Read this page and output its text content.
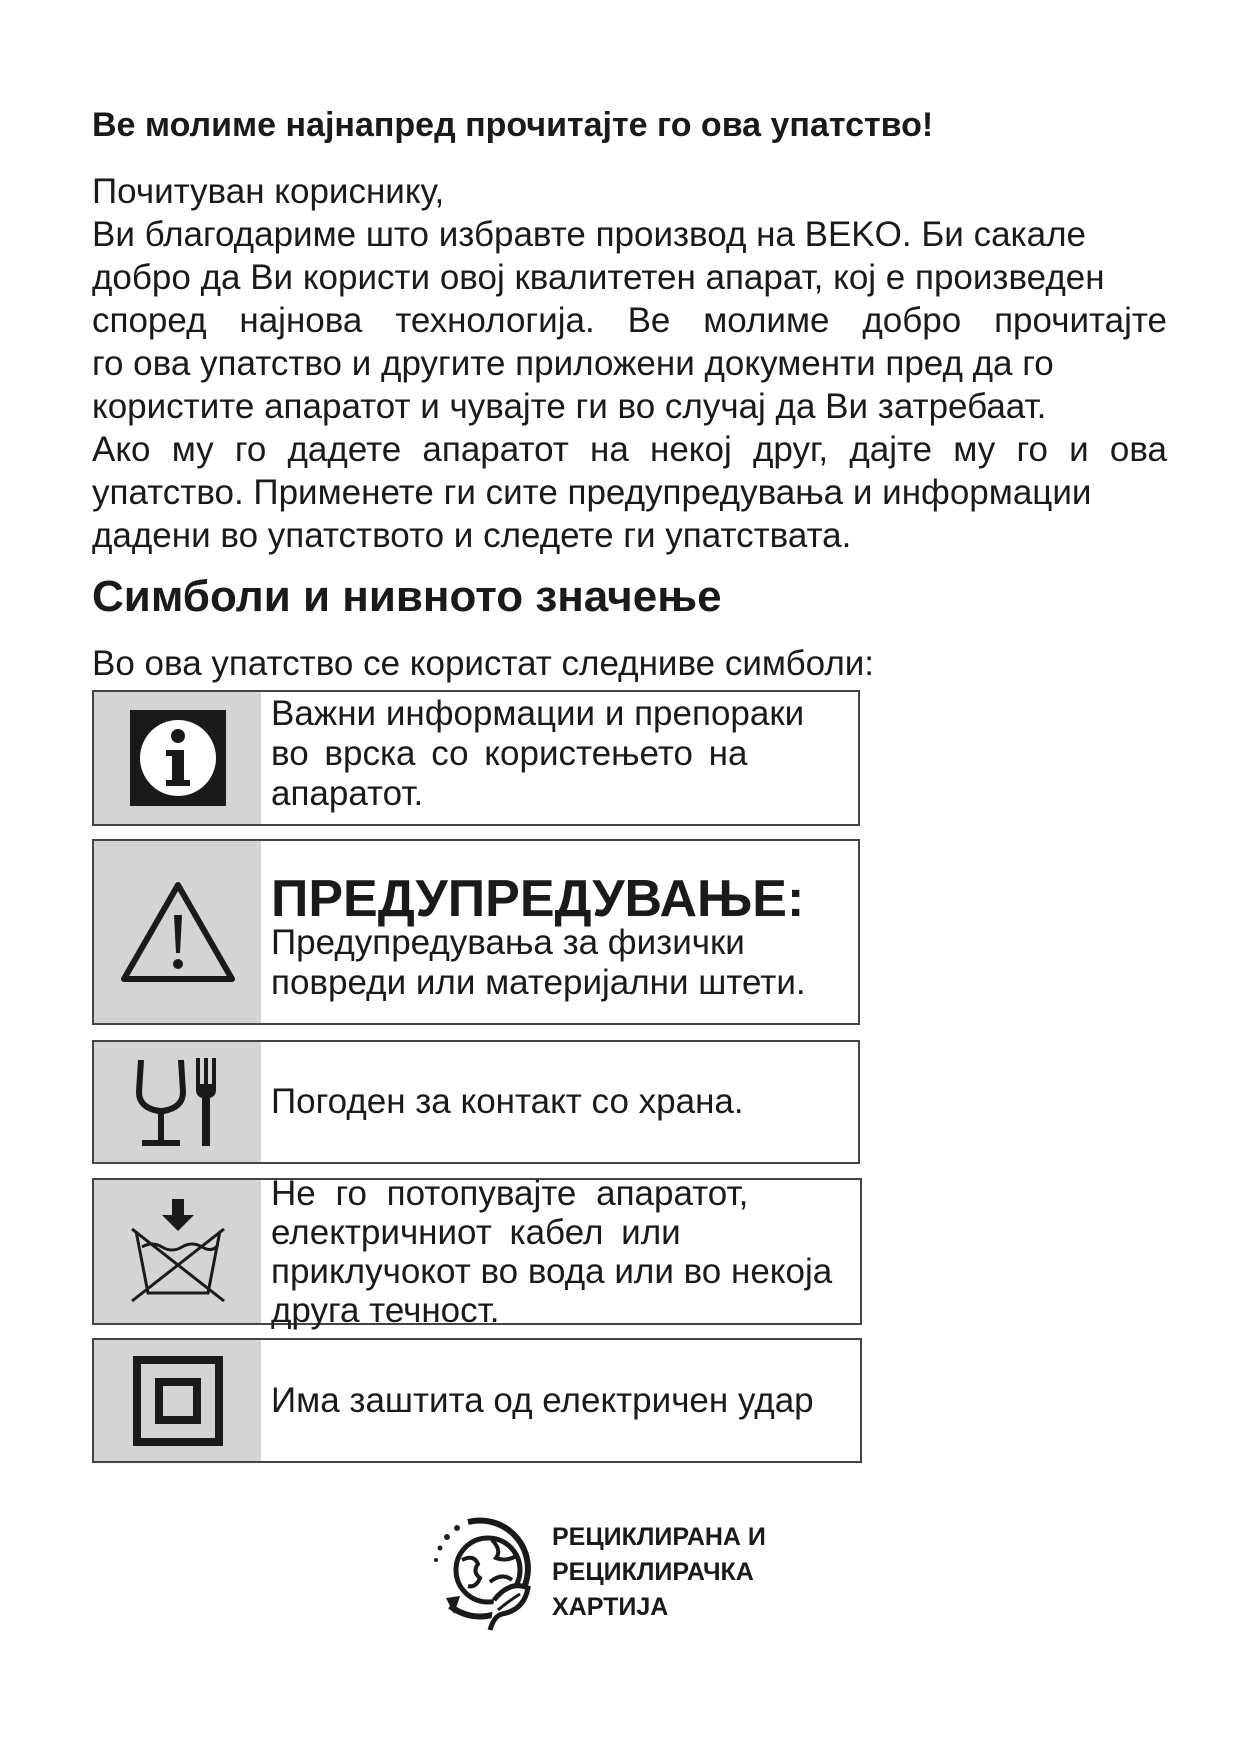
Ве молиме најнапред прочитајте го ова упатство!
Почитуван кориснику,
Ви благодариме што избравте производ на BEKO. Би сакале
добро да Ви користи овој квалитетен апарат, кој е произведен
според најнова технологија. Ве молиме добро прочитајте
го ова упатство и другите приложени документи пред да го
користите апаратот и чувајте ги во случај да Ви затребаат.
Ако му го дадете апаратот на некој друг, дајте му го и ова
упатство. Применете ги сите предупредувања и информации
дадени во упатството и следете ги упатствата.
Симболи и нивното значење
Во ова упатство се користат следниве симболи:
Важни информации и препораки
во врска со користењето на
апаратот.
ПРЕДУПРЕДУВАЊЕ:
Предупредувања за физички
повреди или материјални штети.
Погоден за контакт со храна.
Не го потопувајте апаратот,
електричниот кабел или
приклучокот во вода или во некоја
друга течност.
Има заштита од електричен удар
РЕЦИКЛИРАНА И
РЕЦИКЛИРАЧКА
ХАРТИЈА
